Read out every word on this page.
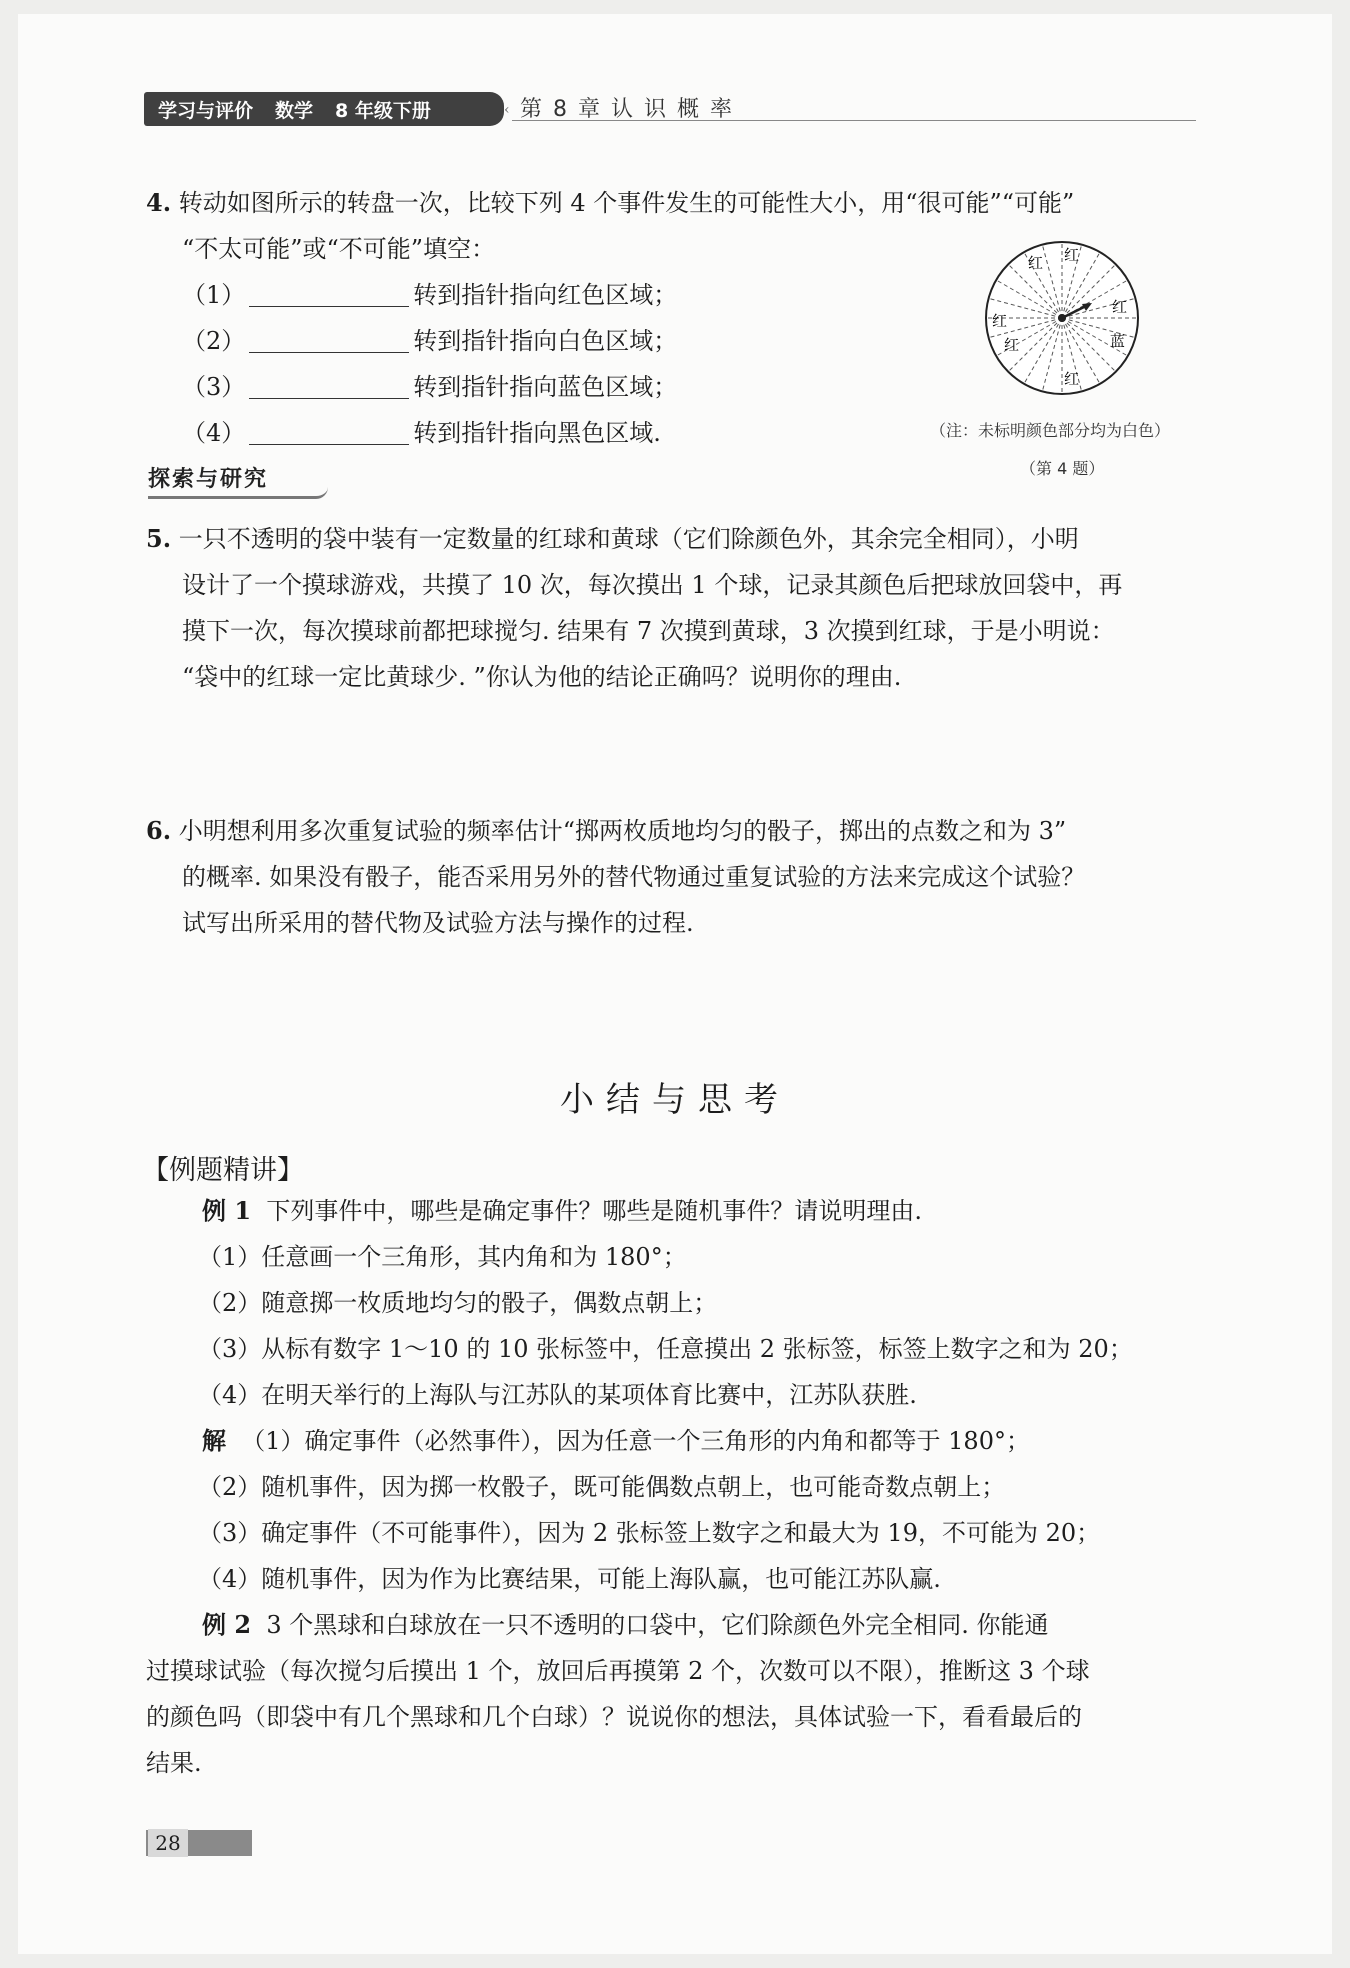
学习与评价 数学 8 年级下册	‹ 第 8 章 认 识 概 率
4. 转动如图所示的转盘一次，比较下列 4 个事件发生的可能性大小，用“很可能”“可能”
“不太可能”或“不可能”填空：
（1）	转到指针指向红色区域；
（2）	转到指针指向白色区域；
（3）	转到指针指向蓝色区域；
（4）	转到指针指向黑色区域.
红 红
红
红
红	蓝
红
（注：未标明颜色部分均为白色）
（第 4 题）
探索与研究
5. 一只不透明的袋中装有一定数量的红球和黄球（它们除颜色外，其余完全相同），小明
设计了一个摸球游戏，共摸了 10 次，每次摸出 1 个球，记录其颜色后把球放回袋中，再
摸下一次，每次摸球前都把球搅匀. 结果有 7 次摸到黄球，3 次摸到红球，于是小明说：
“袋中的红球一定比黄球少. ”你认为他的结论正确吗？说明你的理由.
6. 小明想利用多次重复试验的频率估计“掷两枚质地均匀的骰子，掷出的点数之和为 3”
的概率. 如果没有骰子，能否采用另外的替代物通过重复试验的方法来完成这个试验？
试写出所采用的替代物及试验方法与操作的过程.
小结与思考
【例题精讲】
例 1 下列事件中，哪些是确定事件？哪些是随机事件？请说明理由.
（1）任意画一个三角形，其内角和为 180°；
（2）随意掷一枚质地均匀的骰子，偶数点朝上；
（3）从标有数字 1～10 的 10 张标签中，任意摸出 2 张标签，标签上数字之和为 20；
（4）在明天举行的上海队与江苏队的某项体育比赛中，江苏队获胜.
解 （1）确定事件（必然事件），因为任意一个三角形的内角和都等于 180°；
（2）随机事件，因为掷一枚骰子，既可能偶数点朝上，也可能奇数点朝上；
（3）确定事件（不可能事件），因为 2 张标签上数字之和最大为 19，不可能为 20；
（4）随机事件，因为作为比赛结果，可能上海队赢，也可能江苏队赢.
例 2 3 个黑球和白球放在一只不透明的口袋中，它们除颜色外完全相同. 你能通
过摸球试验（每次搅匀后摸出 1 个，放回后再摸第 2 个，次数可以不限），推断这 3 个球
的颜色吗（即袋中有几个黑球和几个白球）？说说你的想法，具体试验一下，看看最后的
结果.
28
